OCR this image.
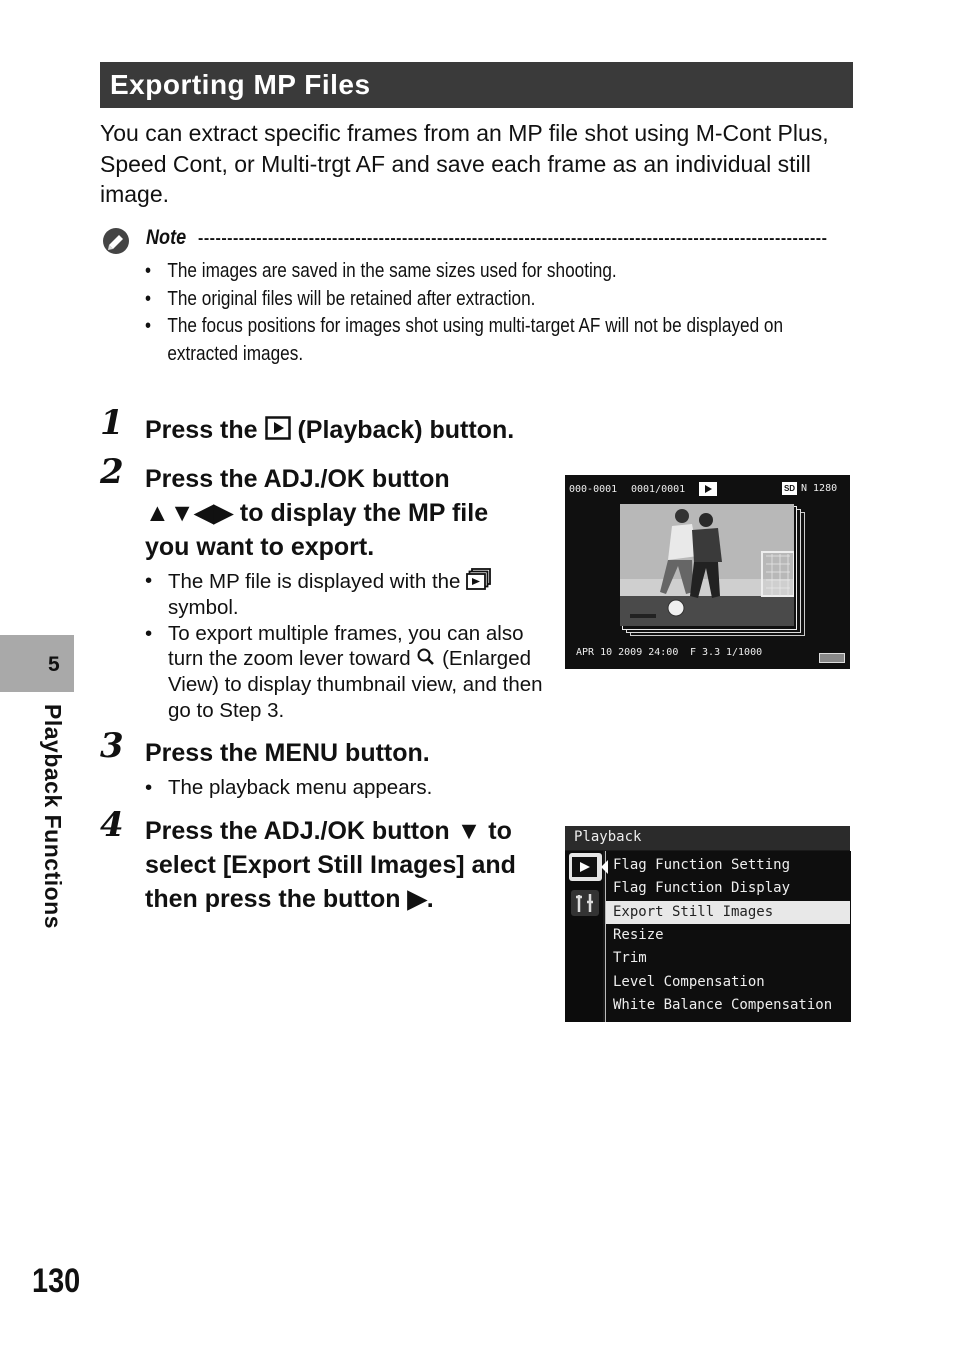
Exporting MP Files

You can extract specific frames from an MP file shot using M-Cont Plus, Speed Cont, or Multi-trgt AF and save each frame as an individual still image.

Note ------------------------------------------------------------------------------------------------------------
• The images are saved in the same sizes used for shooting.
• The original files will be retained after extraction.
• The focus positions for images shot using multi-target AF will not be displayed on extracted images.
1 Press the (Playback) button.
2 Press the ADJ./OK button
▲▼◀▶ to display the MP file
you want to export.
• The MP file is displayed with the
symbol.
• To export multiple frames, you can also turn the zoom lever toward (Enlarged View) to display thumbnail view, and then go to Step 3.
3 Press the MENU button.
• The playback menu appears.
4 Press the ADJ./OK button ▼ to
select [Export Still Images] and
then press the button ▶.
000-0001 0001/0001	SD N 1280
APR 10 2009 24:00 F 3.3 1/1000
Playback
Flag Function Setting
Flag Function Display
Export Still Images
Resize
Trim
Level Compensation
White Balance Compensation
5
Playback Functions
130
